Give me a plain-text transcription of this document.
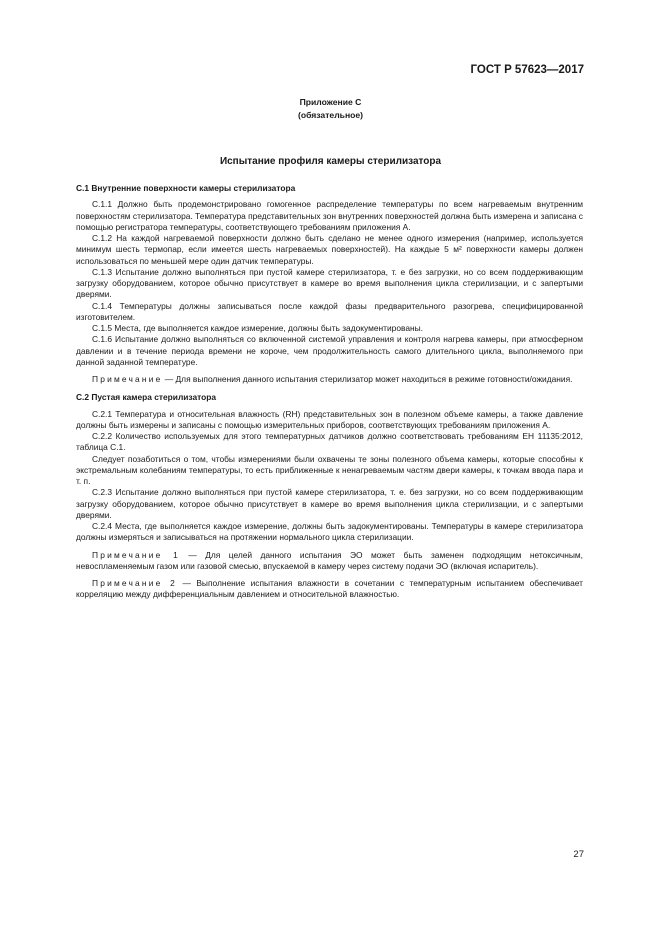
ГОСТ Р 57623—2017
Приложение С
(обязательное)
Испытание профиля камеры стерилизатора
С.1 Внутренние поверхности камеры стерилизатора

С.1.1 Должно быть продемонстрировано гомогенное распределение температуры по всем нагреваемым внутренним поверхностям стерилизатора. Температура представительных зон внутренних поверхностей должна быть измерена и записана с помощью регистратора температуры, соответствующего требованиям приложения А.

С.1.2 На каждой нагреваемой поверхности должно быть сделано не менее одного измерения (например, используется минимум шесть термопар, если имеется шесть нагреваемых поверхностей). На каждые 5 м² поверхности камеры должен использоваться по меньшей мере один датчик температуры.

С.1.3 Испытание должно выполняться при пустой камере стерилизатора, т. е без загрузки, но со всем поддерживающим загрузку оборудованием, которое обычно присутствует в камере во время выполнения цикла стерилизации, и с запертыми дверями.

С.1.4 Температуры должны записываться после каждой фазы предварительного разогрева, специфицированной изготовителем.

С.1.5 Места, где выполняется каждое измерение, должны быть задокументированы.

С.1.6 Испытание должно выполняться со включенной системой управления и контроля нагрева камеры, при атмосферном давлении и в течение периода времени не короче, чем продолжительность самого длительного цикла, выполняемого при данной заданной температуре.

Примечание — Для выполнения данного испытания стерилизатор может находиться в режиме готовности/ожидания.

С.2 Пустая камера стерилизатора

С.2.1 Температура и относительная влажность (RH) представительных зон в полезном объеме камеры, а также давление должны быть измерены и записаны с помощью измерительных приборов, соответствующих требованиям приложения А.

С.2.2 Количество используемых для этого температурных датчиков должно соответствовать требованиям ЕН 11135:2012, таблица С.1.

Следует позаботиться о том, чтобы измерениями были охвачены те зоны полезного объема камеры, которые способны к экстремальным колебаниям температуры, то есть приближенные к ненагреваемым частям двери камеры, к точкам ввода пара и т. п.

С.2.3 Испытание должно выполняться при пустой камере стерилизатора, т. е. без загрузки, но со всем поддерживающим загрузку оборудованием, которое обычно присутствует в камере во время выполнения цикла стерилизации, и с запертыми дверями.

С.2.4 Места, где выполняется каждое измерение, должны быть задокументированы. Температуры в камере стерилизатора должны измеряться и записываться на протяжении нормального цикла стерилизации.

Примечание 1 — Для целей данного испытания ЭО может быть заменен подходящим нетоксичным, невоспламеняемым газом или газовой смесью, впускаемой в камеру через систему подачи ЭО (включая испаритель).

Примечание 2 — Выполнение испытания влажности в сочетании с температурным испытанием обеспечивает корреляцию между дифференциальным давлением и относительной влажностью.

27
